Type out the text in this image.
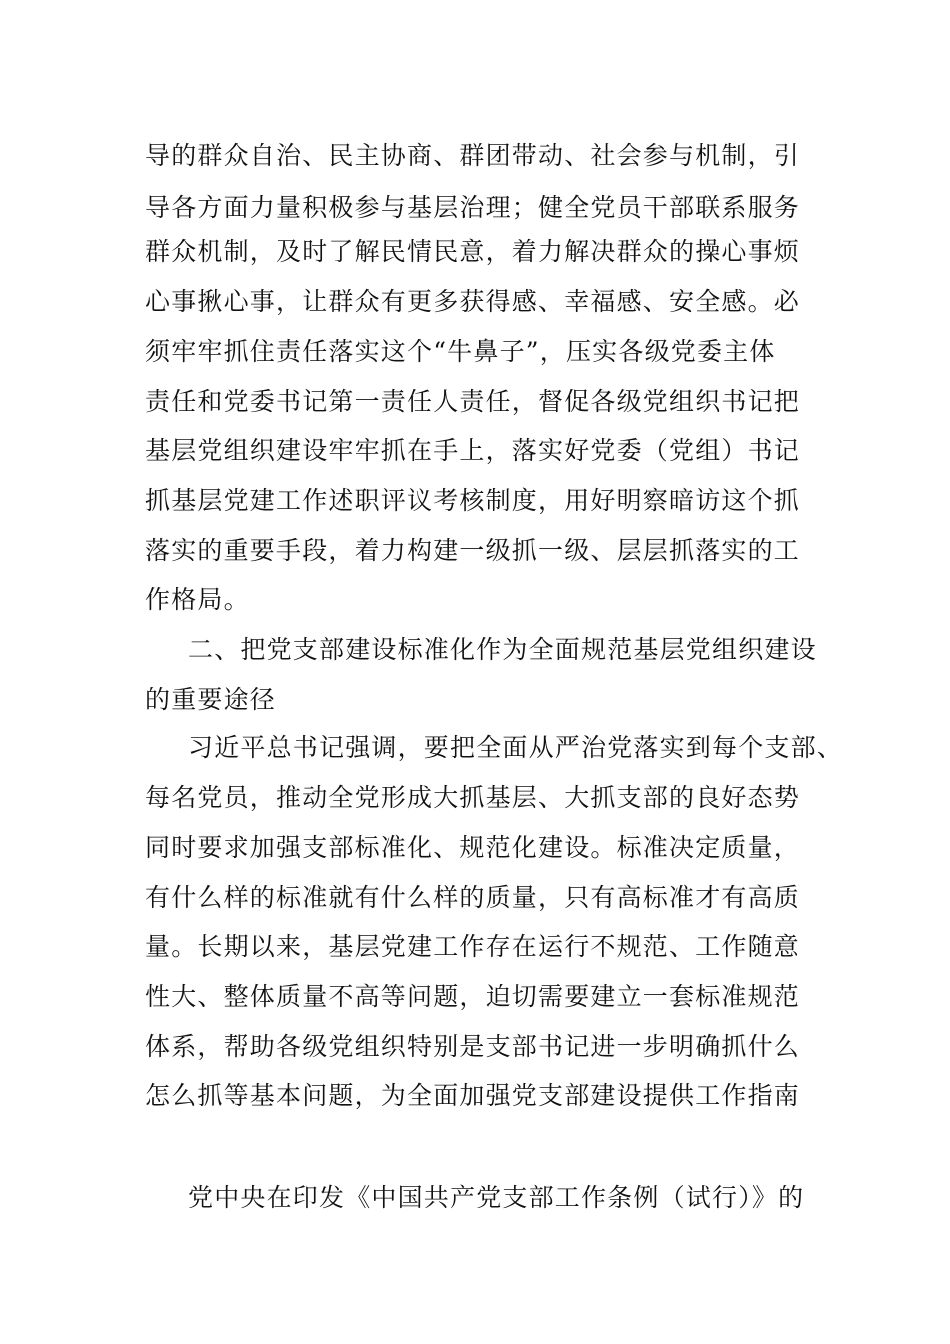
导的群众自治、民主协商、群团带动、社会参与机制，引
导各方面力量积极参与基层治理；健全党员干部联系服务
群众机制，及时了解民情民意，着力解决群众的操心事烦
心事揪心事，让群众有更多获得感、幸福感、安全感。必
须牢牢抓住责任落实这个“牛鼻子”，压实各级党委主体
责任和党委书记第一责任人责任，督促各级党组织书记把
基层党组织建设牢牢抓在手上，落实好党委（党组）书记
抓基层党建工作述职评议考核制度，用好明察暗访这个抓
落实的重要手段，着力构建一级抓一级、层层抓落实的工
作格局。
二、把党支部建设标准化作为全面规范基层党组织建设
的重要途径
习近平总书记强调，要把全面从严治党落实到每个支部、
每名党员，推动全党形成大抓基层、大抓支部的良好态势
同时要求加强支部标准化、规范化建设。标准决定质量，
有什么样的标准就有什么样的质量，只有高标准才有高质
量。长期以来，基层党建工作存在运行不规范、工作随意
性大、整体质量不高等问题，迫切需要建立一套标准规范
体系，帮助各级党组织特别是支部书记进一步明确抓什么
怎么抓等基本问题，为全面加强党支部建设提供工作指南
党中央在印发《中国共产党支部工作条例（试行）》的
